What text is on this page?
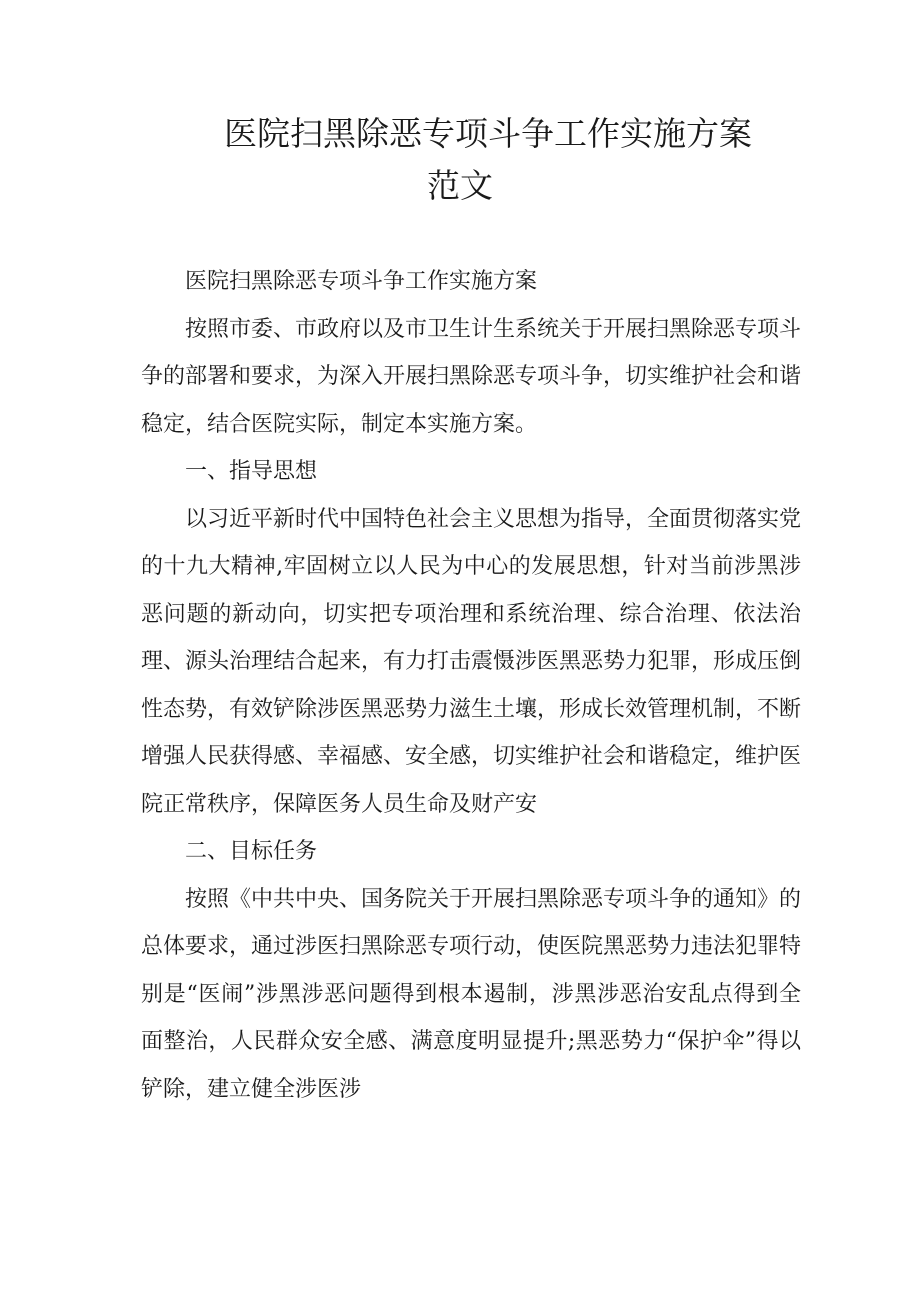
医院扫黑除恶专项斗争工作实施方案
范文

医院扫黑除恶专项斗争工作实施方案

按照市委、市政府以及市卫生计生系统关于开展扫黑除恶专项斗争的部署和要求，为深入开展扫黑除恶专项斗争，切实维护社会和谐稳定，结合医院实际，制定本实施方案。

一、指导思想

以习近平新时代中国特色社会主义思想为指导，全面贯彻落实党的十九大精神,牢固树立以人民为中心的发展思想，针对当前涉黑涉恶问题的新动向，切实把专项治理和系统治理、综合治理、依法治理、源头治理结合起来，有力打击震慑涉医黑恶势力犯罪，形成压倒性态势，有效铲除涉医黑恶势力滋生土壤，形成长效管理机制，不断增强人民获得感、幸福感、安全感，切实维护社会和谐稳定，维护医院正常秩序，保障医务人员生命及财产安

二、目标任务

按照《中共中央、国务院关于开展扫黑除恶专项斗争的通知》的总体要求，通过涉医扫黑除恶专项行动，使医院黑恶势力违法犯罪特别是“医闹”涉黑涉恶问题得到根本遏制，涉黑涉恶治安乱点得到全面整治，人民群众安全感、满意度明显提升;黑恶势力“保护伞”得以铲除，建立健全涉医涉
